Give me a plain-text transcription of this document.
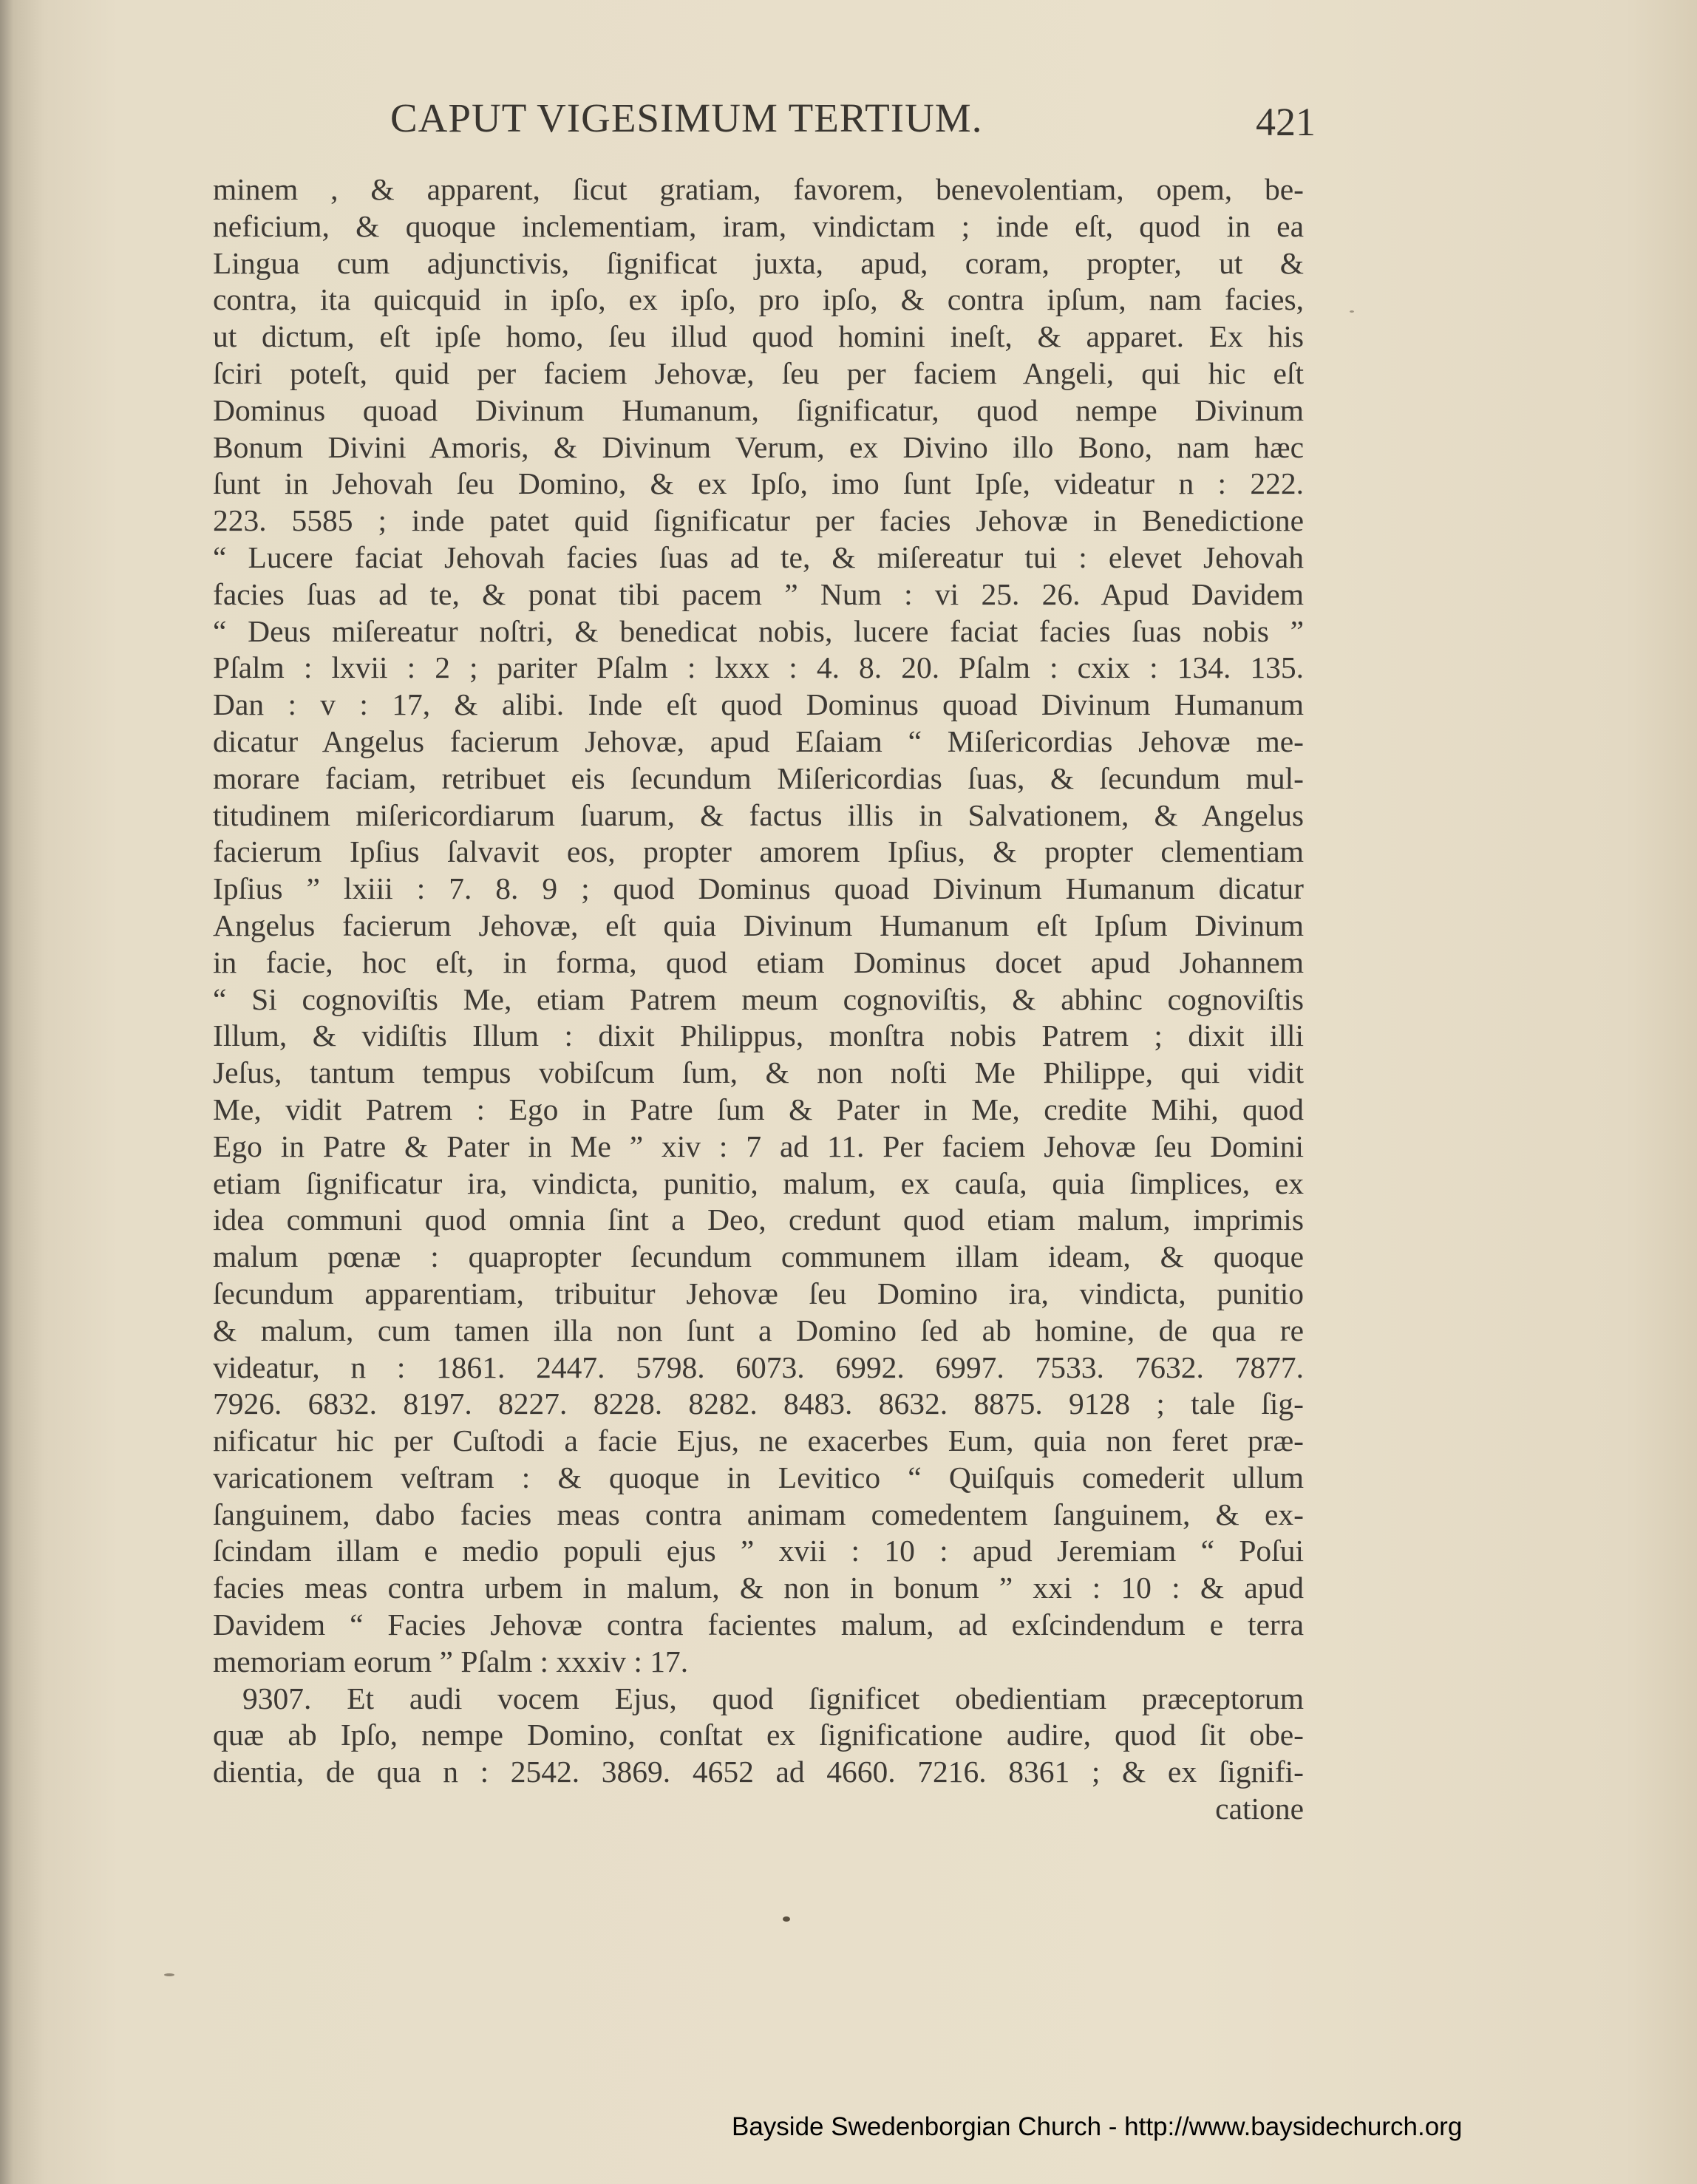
CAPUT VIGESIMUM TERTIUM.	421
minem , & apparent, ſicut gratiam, favorem, benevolentiam, opem, be-
neficium, & quoque inclementiam, iram, vindictam ; inde eſt, quod in ea
Lingua cum adjunctivis, ſignificat juxta, apud, coram, propter, ut &
contra, ita quicquid in ipſo, ex ipſo, pro ipſo, & contra ipſum, nam facies,
ut dictum, eſt ipſe homo, ſeu illud quod homini ineſt, & apparet. Ex his
ſciri poteſt, quid per faciem Jehovæ, ſeu per faciem Angeli, qui hic eſt
Dominus quoad Divinum Humanum, ſignificatur, quod nempe Divinum
Bonum Divini Amoris, & Divinum Verum, ex Divino illo Bono, nam hæc
ſunt in Jehovah ſeu Domino, & ex Ipſo, imo ſunt Ipſe, videatur n : 222.
223. 5585 ; inde patet quid ſignificatur per facies Jehovæ in Benedictione
“ Lucere faciat Jehovah facies ſuas ad te, & miſereatur tui : elevet Jehovah
facies ſuas ad te, & ponat tibi pacem ” Num : vi 25. 26. Apud Davidem
“ Deus miſereatur noſtri, & benedicat nobis, lucere faciat facies ſuas nobis ”
Pſalm : lxvii : 2 ; pariter Pſalm : lxxx : 4. 8. 20. Pſalm : cxix : 134. 135.
Dan : v : 17, & alibi. Inde eſt quod Dominus quoad Divinum Humanum
dicatur Angelus facierum Jehovæ, apud Eſaiam “ Miſericordias Jehovæ me-
morare faciam, retribuet eis ſecundum Miſericordias ſuas, & ſecundum mul-
titudinem miſericordiarum ſuarum, & factus illis in Salvationem, & Angelus
facierum Ipſius ſalvavit eos, propter amorem Ipſius, & propter clementiam
Ipſius ” lxiii : 7. 8. 9 ; quod Dominus quoad Divinum Humanum dicatur
Angelus facierum Jehovæ, eſt quia Divinum Humanum eſt Ipſum Divinum
in facie, hoc eſt, in forma, quod etiam Dominus docet apud Johannem
“ Si cognoviſtis Me, etiam Patrem meum cognoviſtis, & abhinc cognoviſtis
Illum, & vidiſtis Illum : dixit Philippus, monſtra nobis Patrem ; dixit illi
Jeſus, tantum tempus vobiſcum ſum, & non noſti Me Philippe, qui vidit
Me, vidit Patrem : Ego in Patre ſum & Pater in Me, credite Mihi, quod
Ego in Patre & Pater in Me ” xiv : 7 ad 11. Per faciem Jehovæ ſeu Domini
etiam ſignificatur ira, vindicta, punitio, malum, ex cauſa, quia ſimplices, ex
idea communi quod omnia ſint a Deo, credunt quod etiam malum, imprimis
malum pœnæ : quapropter ſecundum communem illam ideam, & quoque
ſecundum apparentiam, tribuitur Jehovæ ſeu Domino ira, vindicta, punitio
& malum, cum tamen illa non ſunt a Domino ſed ab homine, de qua re
videatur, n : 1861. 2447. 5798. 6073. 6992. 6997. 7533. 7632. 7877.
7926. 6832. 8197. 8227. 8228. 8282. 8483. 8632. 8875. 9128 ; tale ſig-
nificatur hic per Cuſtodi a facie Ejus, ne exacerbes Eum, quia non feret præ-
varicationem veſtram : & quoque in Levitico “ Quiſquis comederit ullum
ſanguinem, dabo facies meas contra animam comedentem ſanguinem, & ex-
ſcindam illam e medio populi ejus ” xvii : 10 : apud Jeremiam “ Poſui
facies meas contra urbem in malum, & non in bonum ” xxi : 10 : & apud
Davidem “ Facies Jehovæ contra facientes malum, ad exſcindendum e terra
memoriam eorum ” Pſalm : xxxiv : 17.
9307. Et audi vocem Ejus, quod ſignificet obedientiam præceptorum
quæ ab Ipſo, nempe Domino, conſtat ex ſignificatione audire, quod ſit obe-
dientia, de qua n : 2542. 3869. 4652 ad 4660. 7216. 8361 ; & ex ſignifi-
catione
Bayside Swedenborgian Church - http://www.baysidechurch.org
